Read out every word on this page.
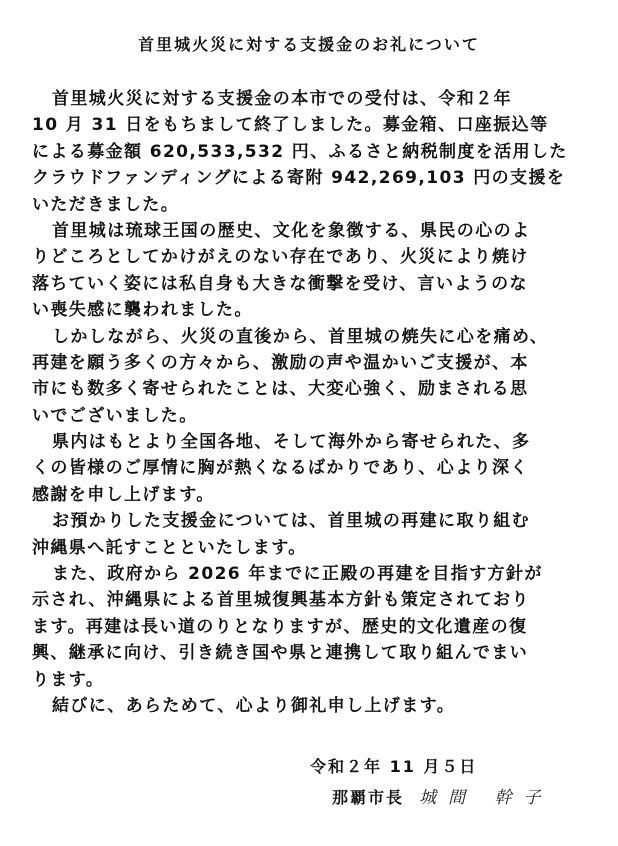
首里城火災に対する支援金のお礼について
首里城火災に対する支援金の本市での受付は、令和２年
10 月 31 日をもちまして終了しました。募金箱、口座振込等
による募金額 620,533,532 円、ふるさと納税制度を活用した
クラウドファンディングによる寄附 942,269,103 円の支援を
いただきました。
首里城は琉球王国の歴史、文化を象徴する、県民の心のよ
りどころとしてかけがえのない存在であり、火災により焼け
落ちていく姿には私自身も大きな衝撃を受け、言いようのな
い喪失感に襲われました。
しかしながら、火災の直後から、首里城の焼失に心を痛め、
再建を願う多くの方々から、激励の声や温かいご支援が、本
市にも数多く寄せられたことは、大変心強く、励まされる思
いでございました。
県内はもとより全国各地、そして海外から寄せられた、多
くの皆様のご厚情に胸が熱くなるばかりであり、心より深く
感謝を申し上げます。
お預かりした支援金については、首里城の再建に取り組む
沖縄県へ託すことといたします。
また、政府から 2026 年までに正殿の再建を目指す方針が
示され、沖縄県による首里城復興基本方針も策定されており
ます。再建は長い道のりとなりますが、歴史的文化遺産の復
興、継承に向け、引き続き国や県と連携して取り組んでまい
ります。
結びに、あらためて、心より御礼申し上げます。
令和２年 11 月５日
那覇市長 城間 幹子
